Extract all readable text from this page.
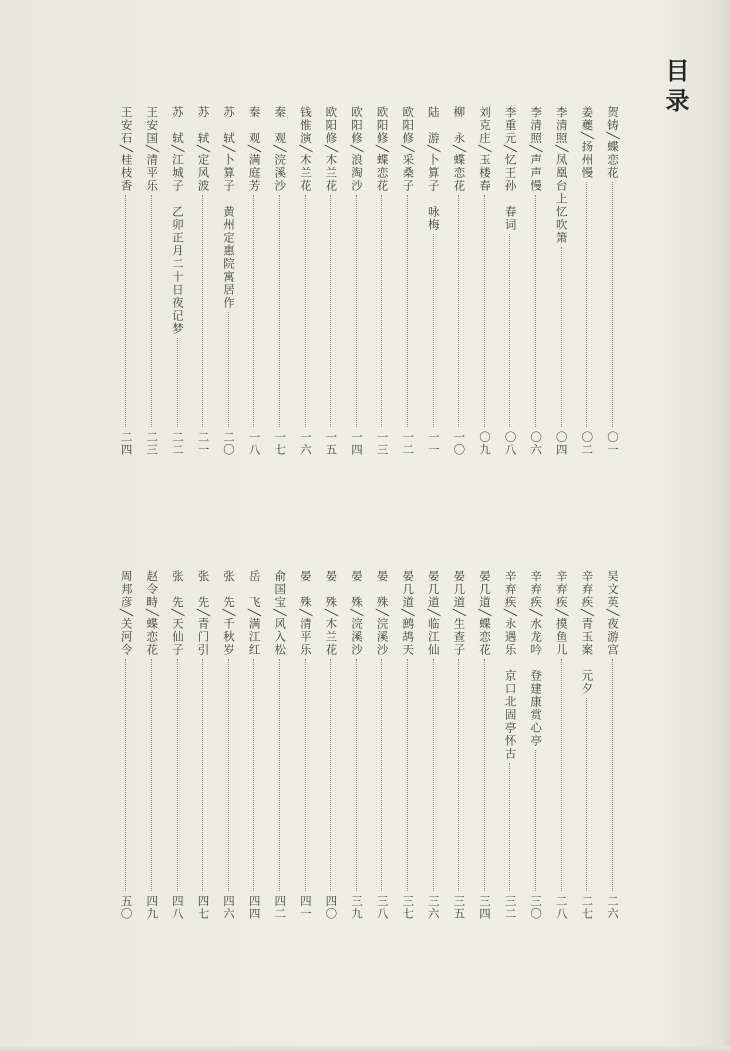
目录
贺铸╱蝶恋花
〇一
姜夔╱扬州慢
〇二
李清照╱凤凰台上忆吹箫
〇四
李清照╱声声慢
〇六
李重元╱忆王孙　春词
〇八
刘克庄╱玉楼春
〇九
柳　永╱蝶恋花
一〇
陆　游╱卜算子　咏梅
一一
欧阳修╱采桑子
一二
欧阳修╱蝶恋花
一三
欧阳修╱浪淘沙
一四
欧阳修╱木兰花
一五
钱惟演╱木兰花
一六
秦　观╱浣溪沙
一七
秦　观╱满庭芳
一八
苏　轼╱卜算子　黄州定惠院寓居作
二〇
苏　轼╱定风波
二一
苏　轼╱江城子　乙卯正月二十日夜记梦
二二
王安国╱清平乐
二三
王安石╱桂枝香
二四
吴文英╱夜游宫
二六
辛弃疾╱青玉案　元夕
二七
辛弃疾╱摸鱼儿
二八
辛弃疾╱水龙吟　登建康赏心亭
三〇
辛弃疾╱永遇乐　京口北固亭怀古
三二
晏几道╱蝶恋花
三四
晏几道╱生查子
三五
晏几道╱临江仙
三六
晏几道╱鹧鸪天
三七
晏　殊╱浣溪沙
三八
晏　殊╱浣溪沙
三九
晏　殊╱木兰花
四〇
晏　殊╱清平乐
四一
俞国宝╱风入松
四二
岳　飞╱满江红
四四
张　先╱千秋岁
四六
张　先╱青门引
四七
张　先╱天仙子
四八
赵令畤╱蝶恋花
四九
周邦彦╱关河令
五〇
